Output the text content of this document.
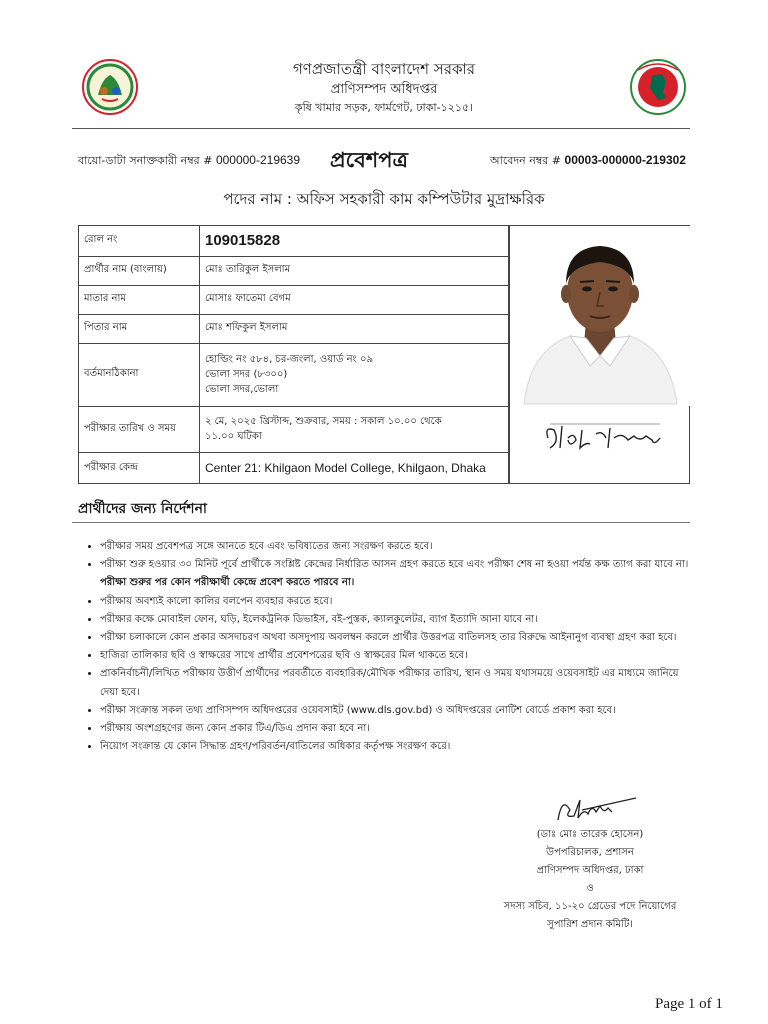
গণপ্রজাতন্ত্রী বাংলাদেশ সরকার
প্রাণিসম্পদ অধিদপ্তর
কৃষি খামার সড়ক, ফার্মগেট, ঢাকা-১২১৫।
বায়ো-ডাটা সনাক্তকারী নম্বর # 000000-219639 প্রবেশপত্র	আবেদন নম্বর # 00003-000000-219302
পদের নাম : অফিস সহকারী কাম কম্পিউটার মুদ্রাক্ষরিক
রোল নং	109015828
প্রার্থীর নাম (বাংলায়)	মোঃ তারিকুল ইসলাম
মাতার নাম	মোসাঃ ফাতেমা বেগম
পিতার নাম	মোঃ শফিকুল ইসলাম
বর্তমানঠিকানা	হোল্ডিং নং ৫৮৪, চর-জংলা, ওয়ার্ড নং ০৯
ভোলা সদর (৮৩০০)
ভোলা সদর,ভোলা

পরীক্ষার তারিখ ও সময়	২ মে, ২০২৫ খ্রিস্টাব্দ, শুক্রবার, সময় : সকাল ১০.০০ থেকে
১১.০০ ঘটিকা

পরীক্ষার কেন্দ্র	Center 21: Khilgaon Model College, Khilgaon, Dhaka
প্রার্থীদের জন্য নির্দেশনা
• পরীক্ষার সময় প্রবেশপত্র সঙ্গে আনতে হবে এবং ভবিষ্যতের জন্য সংরক্ষণ করতে হবে।
• পরীক্ষা শুরু হওয়ার ৩০ মিনিট পূর্বে প্রার্থীকে সংশ্লিষ্ট কেন্দ্রের নির্ধারিত আসন গ্রহণ করতে হবে এবং পরীক্ষা শেষ না হওয়া পর্যন্ত কক্ষ ত্যাগ করা যাবে না। পরীক্ষা শুরুর পর কোন পরীক্ষার্থী কেন্দ্রে প্রবেশ করতে পারবে না।
• পরীক্ষায় অবশ্যই কালো কালির বলপেন ব্যবহার করতে হবে।
• পরীক্ষার কক্ষে মোবাইল ফোন, ঘড়ি, ইলেকট্রনিক ডিভাইস, বই-পুস্তক, ক্যালকুলেটর, ব্যাগ ইত্যাদি আনা যাবে না।
• পরীক্ষা চলাকালে কোন প্রকার অসদাচরণ অথবা অসদুপায় অবলম্বন করলে প্রার্থীর উত্তরপত্র বাতিলসহ তার বিরুদ্ধে আইনানুগ ব্যবস্থা গ্রহণ করা হবে।
• হাজিরা তালিকার ছবি ও স্বাক্ষরের সাথে প্রার্থীর প্রবেশপত্রের ছবি ও স্বাক্ষরের মিল থাকতে হবে।
• প্রাকনির্বাচনী/লিখিত পরীক্ষায় উত্তীর্ণ প্রার্থীদের পরবর্তীতে ব্যবহারিক/মৌখিক পরীক্ষার তারিখ, স্থান ও সময় যথাসময়ে ওয়েবসাইট এর মাধ্যমে জানিয়ে দেয়া হবে।
• পরীক্ষা সংক্রান্ত সকল তথ্য প্রাণিসম্পদ অধিদপ্তরের ওয়েবসাইট (www.dls.gov.bd) ও অধিদপ্তরের নোটিশ বোর্ডে প্রকাশ করা হবে।
• পরীক্ষায় অংশগ্রহণের জন্য কোন প্রকার টিএ/ডিএ প্রদান করা হবে না।
• নিয়োগ সংক্রান্ত যে কোন সিদ্ধান্ত গ্রহণ/পরিবর্তন/বাতিলের অধিকার কর্তৃপক্ষ সংরক্ষণ করে।
(ডাঃ মোঃ তারেক হোসেন)
উপপরিচালক, প্রশাসন
প্রাণিসম্পদ অধিদপ্তর, ঢাকা
ও
সদস্য সচিব, ১১-২০ গ্রেডের পদে নিয়োগের
সুপারিশ প্রদান কমিটি।
Page 1 of 1
